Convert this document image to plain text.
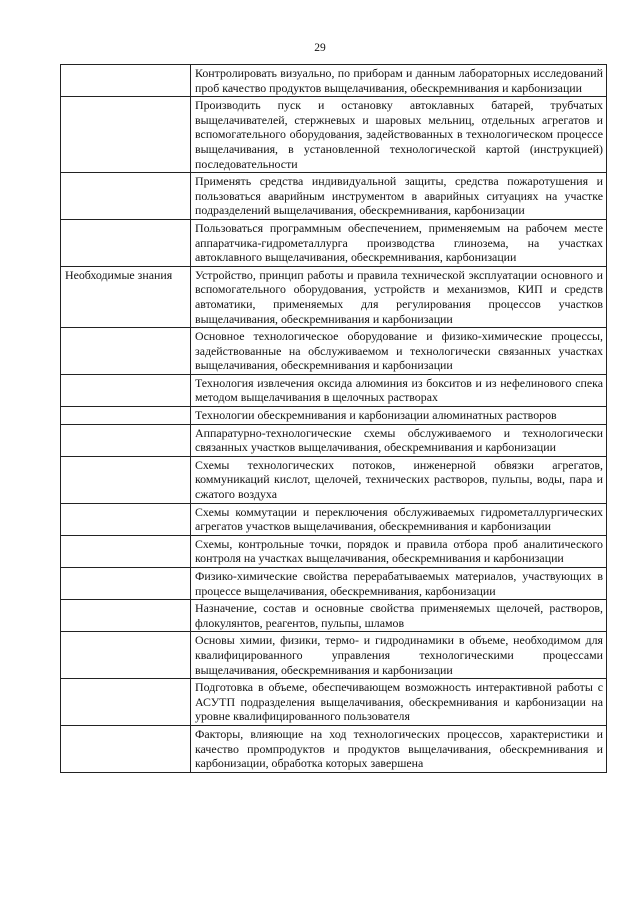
29
	Контролировать визуально, по приборам и данным лабораторных исследований проб качество продуктов выщелачивания, обескремнивания и карбонизации
	Производить пуск и остановку автоклавных батарей, трубчатых выщелачивателей, стержневых и шаровых мельниц, отдельных агрегатов и вспомогательного оборудования, задействованных в технологическом процессе выщелачивания, в установленной технологической картой (инструкцией) последовательности
	Применять средства индивидуальной защиты, средства пожаротушения и пользоваться аварийным инструментом в аварийных ситуациях на участке подразделений выщелачивания, обескремнивания, карбонизации
	Пользоваться программным обеспечением, применяемым на рабочем месте аппаратчика-гидрометаллурга производства глинозема, на участках автоклавного выщелачивания, обескремнивания, карбонизации

Необходимые знания	Устройство, принцип работы и правила технической эксплуатации основного и вспомогательного оборудования, устройств и механизмов, КИП и средств автоматики, применяемых для регулирования процессов участков выщелачивания, обескремнивания и карбонизации
	Основное технологическое оборудование и физико-химические процессы, задействованные на обслуживаемом и технологически связанных участках выщелачивания, обескремнивания и карбонизации
	Технология извлечения оксида алюминия из бокситов и из нефелинового спека методом выщелачивания в щелочных растворах
	Технологии обескремнивания и карбонизации алюминатных растворов
	Аппаратурно-технологические схемы обслуживаемого и технологически связанных участков выщелачивания, обескремнивания и карбонизации
	Схемы технологических потоков, инженерной обвязки агрегатов, коммуникаций кислот, щелочей, технических растворов, пульпы, воды, пара и сжатого воздуха
	Схемы коммутации и переключения обслуживаемых гидрометаллургических агрегатов участков выщелачивания, обескремнивания и карбонизации
	Схемы, контрольные точки, порядок и правила отбора проб аналитического контроля на участках выщелачивания, обескремнивания и карбонизации
	Физико-химические свойства перерабатываемых материалов, участвующих в процессе выщелачивания, обескремнивания, карбонизации
	Назначение, состав и основные свойства применяемых щелочей, растворов, флокулянтов, реагентов, пульпы, шламов
	Основы химии, физики, термо- и гидродинамики в объеме, необходимом для квалифицированного управления технологическими процессами выщелачивания, обескремнивания и карбонизации
	Подготовка в объеме, обеспечивающем возможность интерактивной работы с АСУТП подразделения выщелачивания, обескремнивания и карбонизации на уровне квалифицированного пользователя
	Факторы, влияющие на ход технологических процессов, характеристики и качество промпродуктов и продуктов выщелачивания, обескремнивания и карбонизации, обработка которых завершена
